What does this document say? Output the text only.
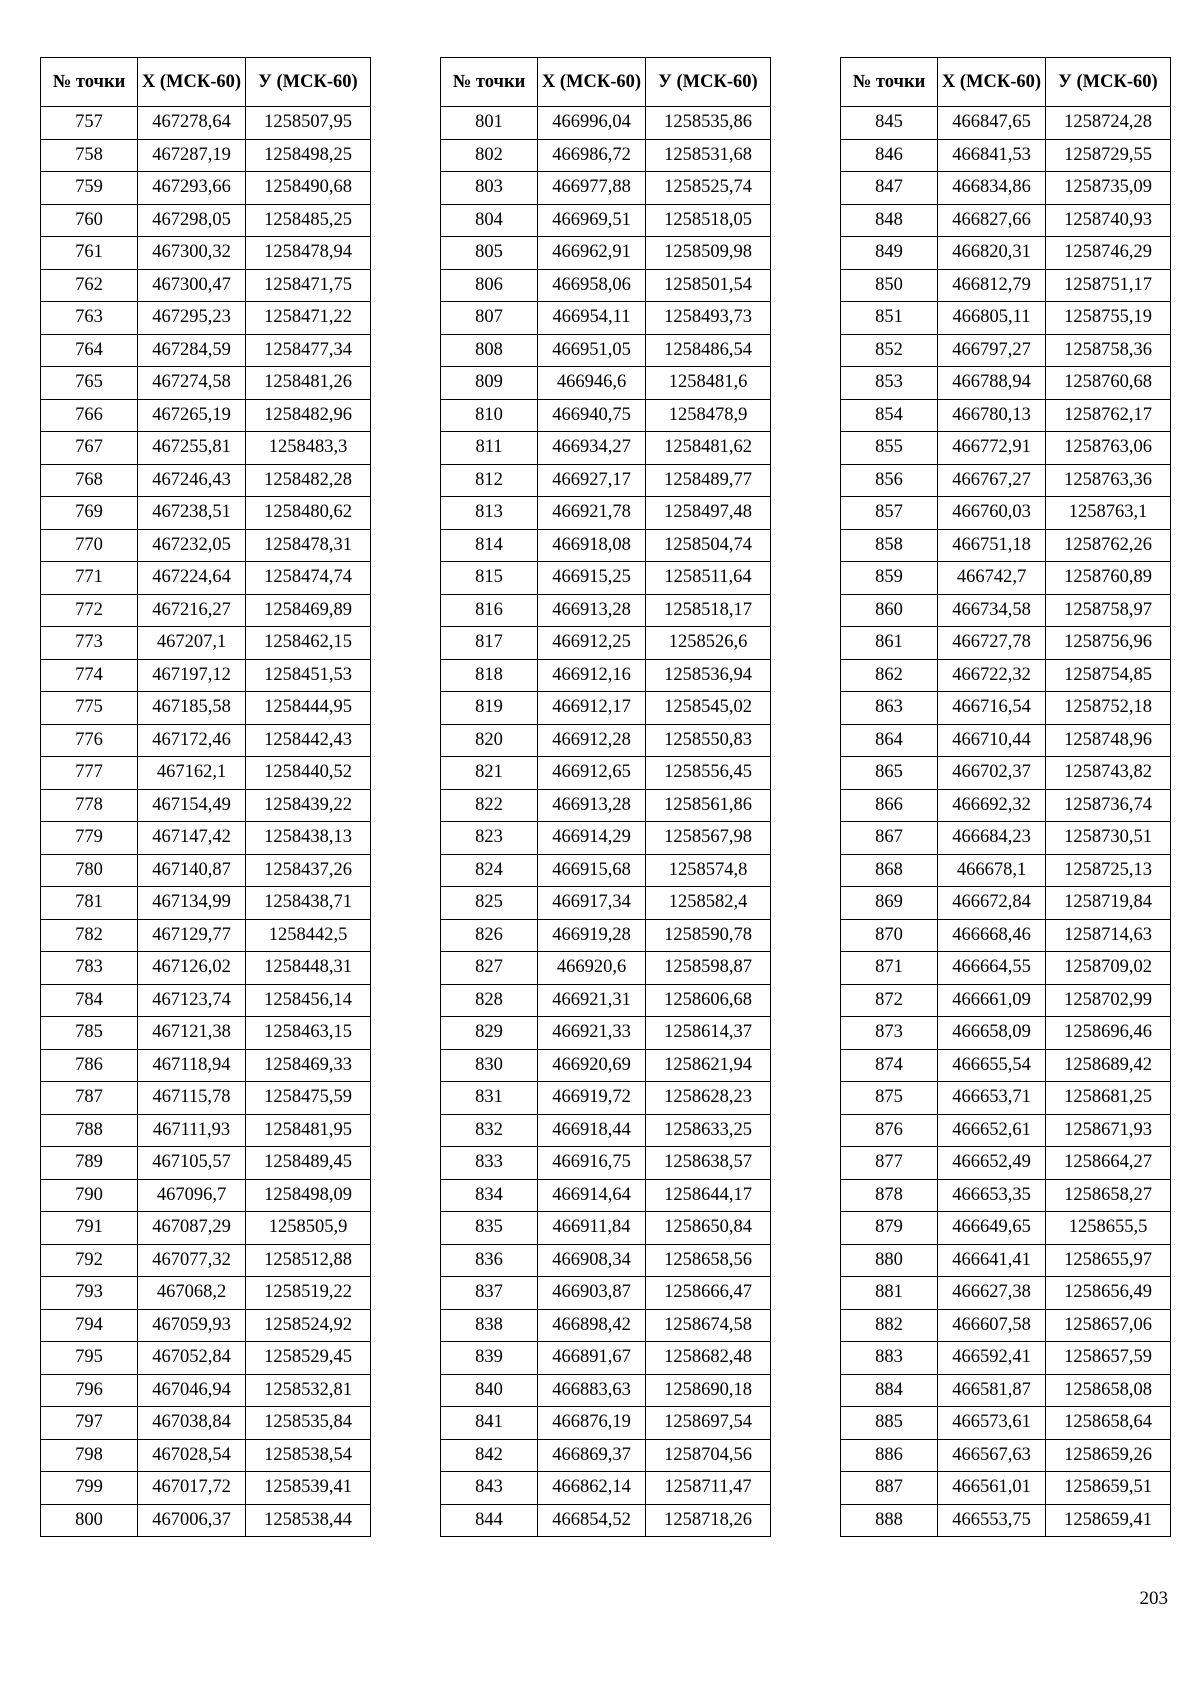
№ точки	X (МСК-60)	У (МСК-60)
757	467278,64	1258507,95
758	467287,19	1258498,25
759	467293,66	1258490,68
760	467298,05	1258485,25
761	467300,32	1258478,94
762	467300,47	1258471,75
763	467295,23	1258471,22
764	467284,59	1258477,34
765	467274,58	1258481,26
766	467265,19	1258482,96
767	467255,81	1258483,3
768	467246,43	1258482,28
769	467238,51	1258480,62
770	467232,05	1258478,31
771	467224,64	1258474,74
772	467216,27	1258469,89
773	467207,1	1258462,15
774	467197,12	1258451,53
775	467185,58	1258444,95
776	467172,46	1258442,43
777	467162,1	1258440,52
778	467154,49	1258439,22
779	467147,42	1258438,13
780	467140,87	1258437,26
781	467134,99	1258438,71
782	467129,77	1258442,5
783	467126,02	1258448,31
784	467123,74	1258456,14
785	467121,38	1258463,15
786	467118,94	1258469,33
787	467115,78	1258475,59
788	467111,93	1258481,95
789	467105,57	1258489,45
790	467096,7	1258498,09
791	467087,29	1258505,9
792	467077,32	1258512,88
793	467068,2	1258519,22
794	467059,93	1258524,92
795	467052,84	1258529,45
796	467046,94	1258532,81
797	467038,84	1258535,84
798	467028,54	1258538,54
799	467017,72	1258539,41
800	467006,37	1258538,44
№ точки	X (МСК-60)	У (МСК-60)
801	466996,04	1258535,86
802	466986,72	1258531,68
803	466977,88	1258525,74
804	466969,51	1258518,05
805	466962,91	1258509,98
806	466958,06	1258501,54
807	466954,11	1258493,73
808	466951,05	1258486,54
809	466946,6	1258481,6
810	466940,75	1258478,9
811	466934,27	1258481,62
812	466927,17	1258489,77
813	466921,78	1258497,48
814	466918,08	1258504,74
815	466915,25	1258511,64
816	466913,28	1258518,17
817	466912,25	1258526,6
818	466912,16	1258536,94
819	466912,17	1258545,02
820	466912,28	1258550,83
821	466912,65	1258556,45
822	466913,28	1258561,86
823	466914,29	1258567,98
824	466915,68	1258574,8
825	466917,34	1258582,4
826	466919,28	1258590,78
827	466920,6	1258598,87
828	466921,31	1258606,68
829	466921,33	1258614,37
830	466920,69	1258621,94
831	466919,72	1258628,23
832	466918,44	1258633,25
833	466916,75	1258638,57
834	466914,64	1258644,17
835	466911,84	1258650,84
836	466908,34	1258658,56
837	466903,87	1258666,47
838	466898,42	1258674,58
839	466891,67	1258682,48
840	466883,63	1258690,18
841	466876,19	1258697,54
842	466869,37	1258704,56
843	466862,14	1258711,47
844	466854,52	1258718,26
№ точки	X (МСК-60)	У (МСК-60)
845	466847,65	1258724,28
846	466841,53	1258729,55
847	466834,86	1258735,09
848	466827,66	1258740,93
849	466820,31	1258746,29
850	466812,79	1258751,17
851	466805,11	1258755,19
852	466797,27	1258758,36
853	466788,94	1258760,68
854	466780,13	1258762,17
855	466772,91	1258763,06
856	466767,27	1258763,36
857	466760,03	1258763,1
858	466751,18	1258762,26
859	466742,7	1258760,89
860	466734,58	1258758,97
861	466727,78	1258756,96
862	466722,32	1258754,85
863	466716,54	1258752,18
864	466710,44	1258748,96
865	466702,37	1258743,82
866	466692,32	1258736,74
867	466684,23	1258730,51
868	466678,1	1258725,13
869	466672,84	1258719,84
870	466668,46	1258714,63
871	466664,55	1258709,02
872	466661,09	1258702,99
873	466658,09	1258696,46
874	466655,54	1258689,42
875	466653,71	1258681,25
876	466652,61	1258671,93
877	466652,49	1258664,27
878	466653,35	1258658,27
879	466649,65	1258655,5
880	466641,41	1258655,97
881	466627,38	1258656,49
882	466607,58	1258657,06
883	466592,41	1258657,59
884	466581,87	1258658,08
885	466573,61	1258658,64
886	466567,63	1258659,26
887	466561,01	1258659,51
888	466553,75	1258659,41
203
